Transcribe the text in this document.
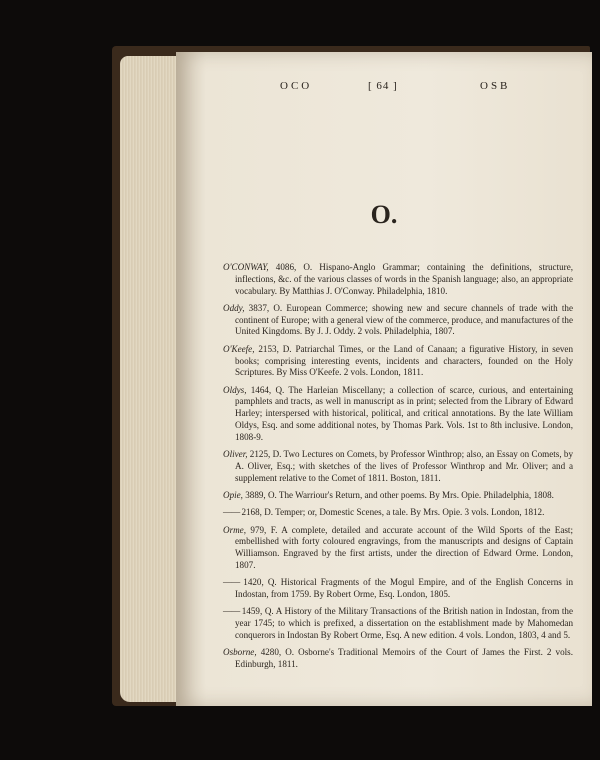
OCO	[ 64 ]	OSB
O.

O'CONWAY, 4086, O. Hispano-Anglo Grammar; containing the definitions, structure, inflections, &c. of the various classes of words in the Spanish language; also, an appropriate vocabulary. By Matthias J. O'Conway. Philadelphia, 1810.

Oddy, 3837, O. European Commerce; showing new and secure channels of trade with the continent of Europe; with a general view of the commerce, produce, and manufactures of the United Kingdoms. By J. J. Oddy. 2 vols. Philadelphia, 1807.

O'Keefe, 2153, D. Patriarchal Times, or the Land of Canaan; a figurative History, in seven books; comprising interesting events, incidents and characters, founded on the Holy Scriptures. By Miss O'Keefe. 2 vols. London, 1811.

Oldys, 1464, Q. The Harleian Miscellany; a collection of scarce, curious, and entertaining pamphlets and tracts, as well in manuscript as in print; selected from the Library of Edward Harley; interspersed with historical, political, and critical annotations. By the late William Oldys, Esq. and some additional notes, by Thomas Park. Vols. 1st to 8th inclusive. London, 1808-9.

Oliver, 2125, D. Two Lectures on Comets, by Professor Winthrop; also, an Essay on Comets, by A. Oliver, Esq.; with sketches of the lives of Professor Winthrop and Mr. Oliver; and a supplement relative to the Comet of 1811. Boston, 1811.

Opie, 3889, O. The Warriour's Return, and other poems. By Mrs. Opie. Philadelphia, 1808.

—— 2168, D. Temper; or, Domestic Scenes, a tale. By Mrs. Opie. 3 vols. London, 1812.

Orme, 979, F. A complete, detailed and accurate account of the Wild Sports of the East; embellished with forty coloured engravings, from the manuscripts and designs of Captain Williamson. Engraved by the first artists, under the direction of Edward Orme. London, 1807.

—— 1420, Q. Historical Fragments of the Mogul Empire, and of the English Concerns in Indostan, from 1759. By Robert Orme, Esq. London, 1805.

—— 1459, Q. A History of the Military Transactions of the British nation in Indostan, from the year 1745; to which is prefixed, a dissertation on the establishment made by Mahomedan conquerors in Indostan By Robert Orme, Esq. A new edition. 4 vols. London, 1803, 4 and 5.

Osborne, 4280, O. Osborne's Traditional Memoirs of the Court of James the First. 2 vols. Edinburgh, 1811.
